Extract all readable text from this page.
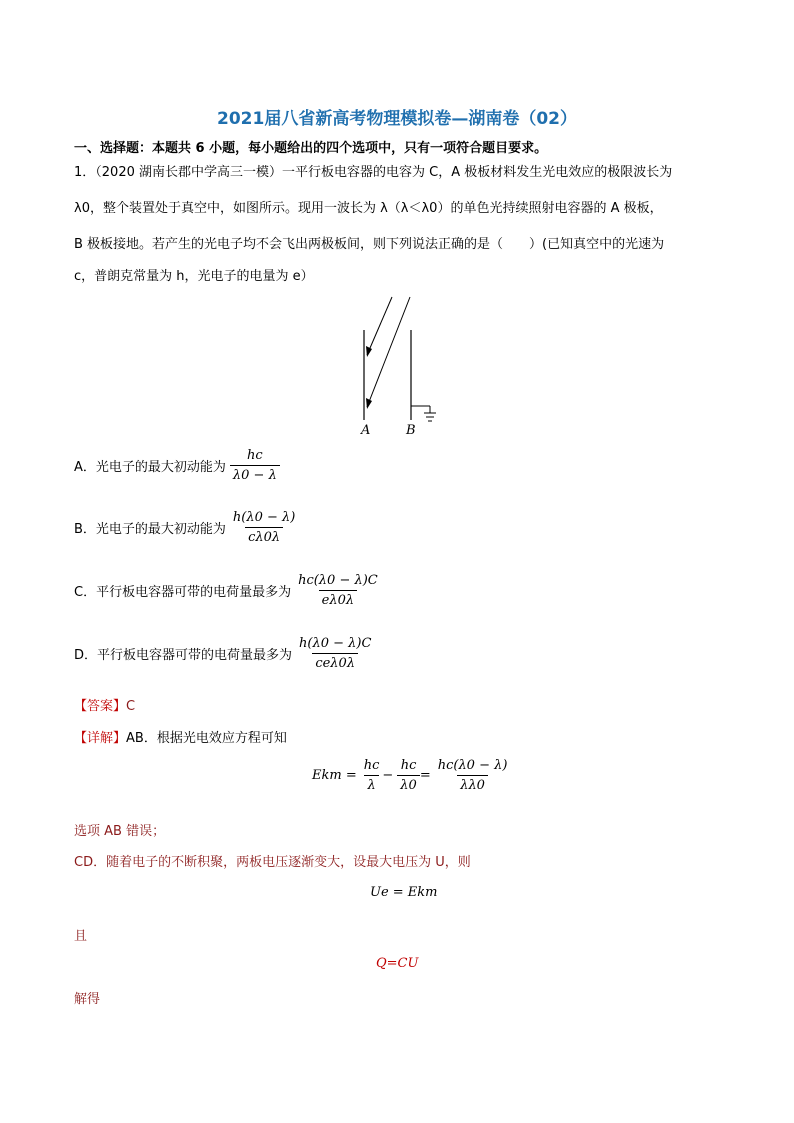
2021届八省新高考物理模拟卷—湖南卷（02）
一、选择题：本题共 6 小题，每小题给出的四个选项中，只有一项符合题目要求。
1．（2020 湖南长郡中学高三一模）一平行板电容器的电容为 C，A 极板材料发生光电效应的极限波长为
λ0，整个装置处于真空中，如图所示。现用一波长为 λ（λ＜λ0）的单色光持续照射电容器的 A 极板，
B 极板接地。若产生的光电子均不会飞出两极板间，则下列说法正确的是（　　）(已知真空中的光速为
c，普朗克常量为 h，光电子的电量为 e）
A	B
A．光电子的最大初动能为 $\frac{hc}{\lambda 0 - \lambda}$
B．光电子的最大初动能为 $\frac{h(\lambda 0 - \lambda)}{c\lambda 0\lambda}$
C．平行板电容器可带的电荷量最多为 $\frac{hc(\lambda 0 - \lambda)C}{e\lambda 0\lambda}$
D．平行板电容器可带的电荷量最多为 $\frac{h(\lambda 0 - \lambda)C}{\text{ceλ0λ}}$
【答案】C
【详解】AB．根据光电效应方程可知
Ekm = $\frac{hc}{\lambda} - \frac{hc}{\lambda 0} = \frac{hc(\lambda 0 - \lambda)}{\lambda\lambda 0}$
选项 AB 错误；
CD．随着电子的不断积聚，两板电压逐渐变大，设最大电压为 U，则
Ue = Ekm
且
Q=CU
解得
